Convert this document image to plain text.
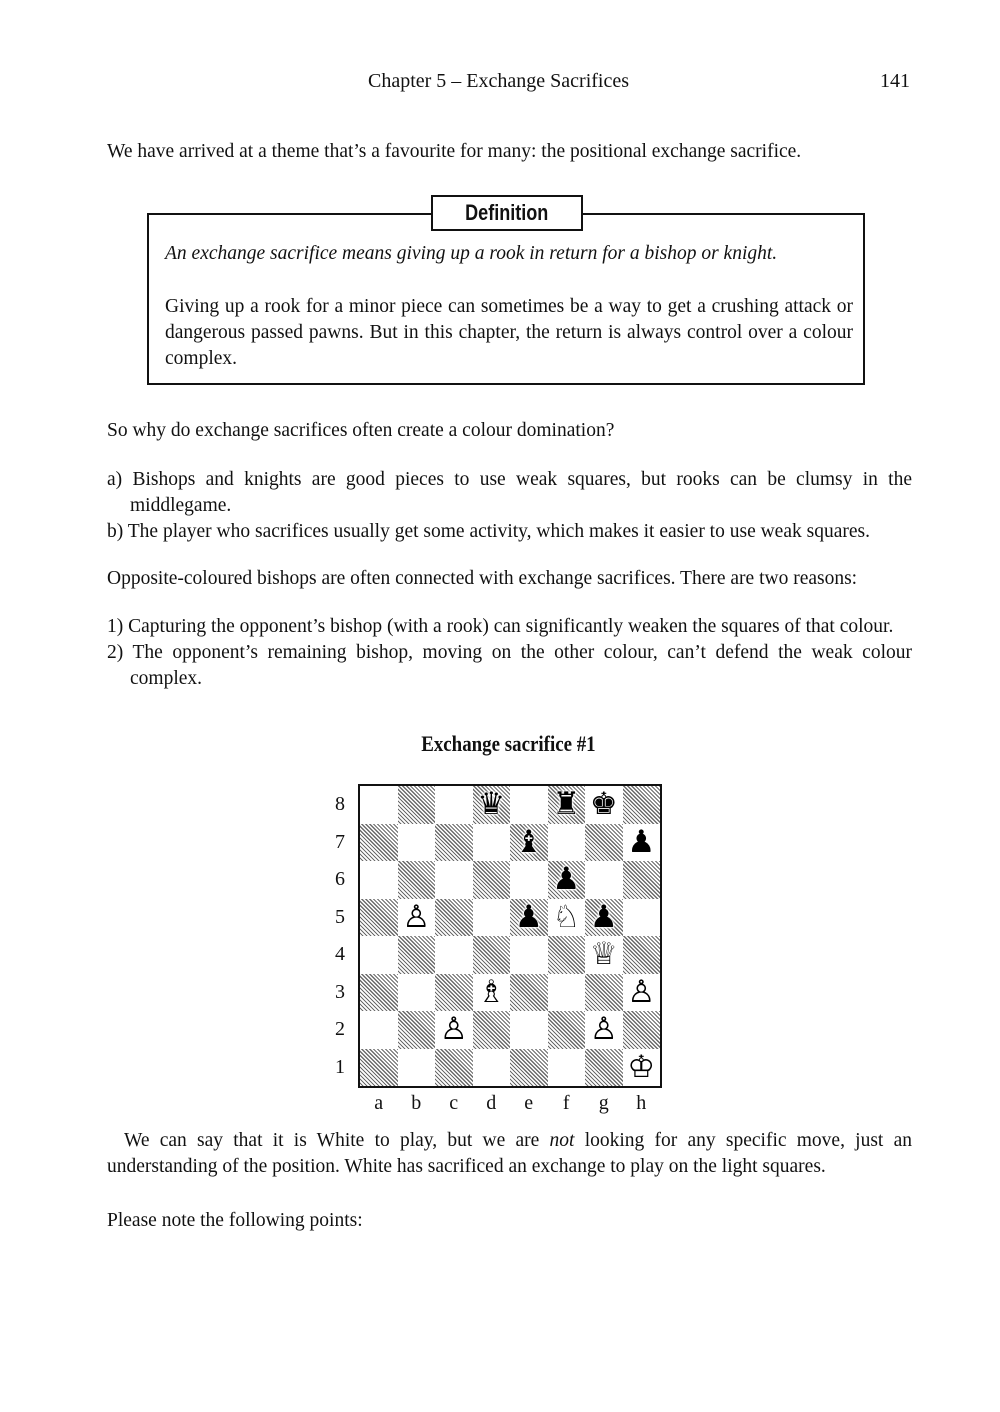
Chapter 5 – Exchange Sacrifices	141
We have arrived at a theme that’s a favourite for many: the positional exchange sacrifice.
Definition
An exchange sacrifice means giving up a rook in return for a bishop or knight.
Giving up a rook for a minor piece can sometimes be a way to get a crushing attack or dangerous passed pawns. But in this chapter, the return is always control over a colour complex.
So why do exchange sacrifices often create a colour domination?
a) Bishops and knights are good pieces to use weak squares, but rooks can be clumsy in the middlegame.
b) The player who sacrifices usually get some activity, which makes it easier to use weak squares.
Opposite-coloured bishops are often connected with exchange sacrifices. There are two reasons:
1) Capturing the opponent’s bishop (with a rook) can significantly weaken the squares of that colour.
2) The opponent’s remaining bishop, moving on the other colour, can’t defend the weak colour complex.
Exchange sacrifice #1
8
7
6
5
4
3
2
1
♛ ♜ ♚
♝	♟
♟
♙	♟ ♘ ♟
♕
♗	♙
♙	♙
♔
a	b	c	d	e	f	g	h
We can say that it is White to play, but we are not looking for any specific move, just an understanding of the position. White has sacrificed an exchange to play on the light squares.
Please note the following points:
